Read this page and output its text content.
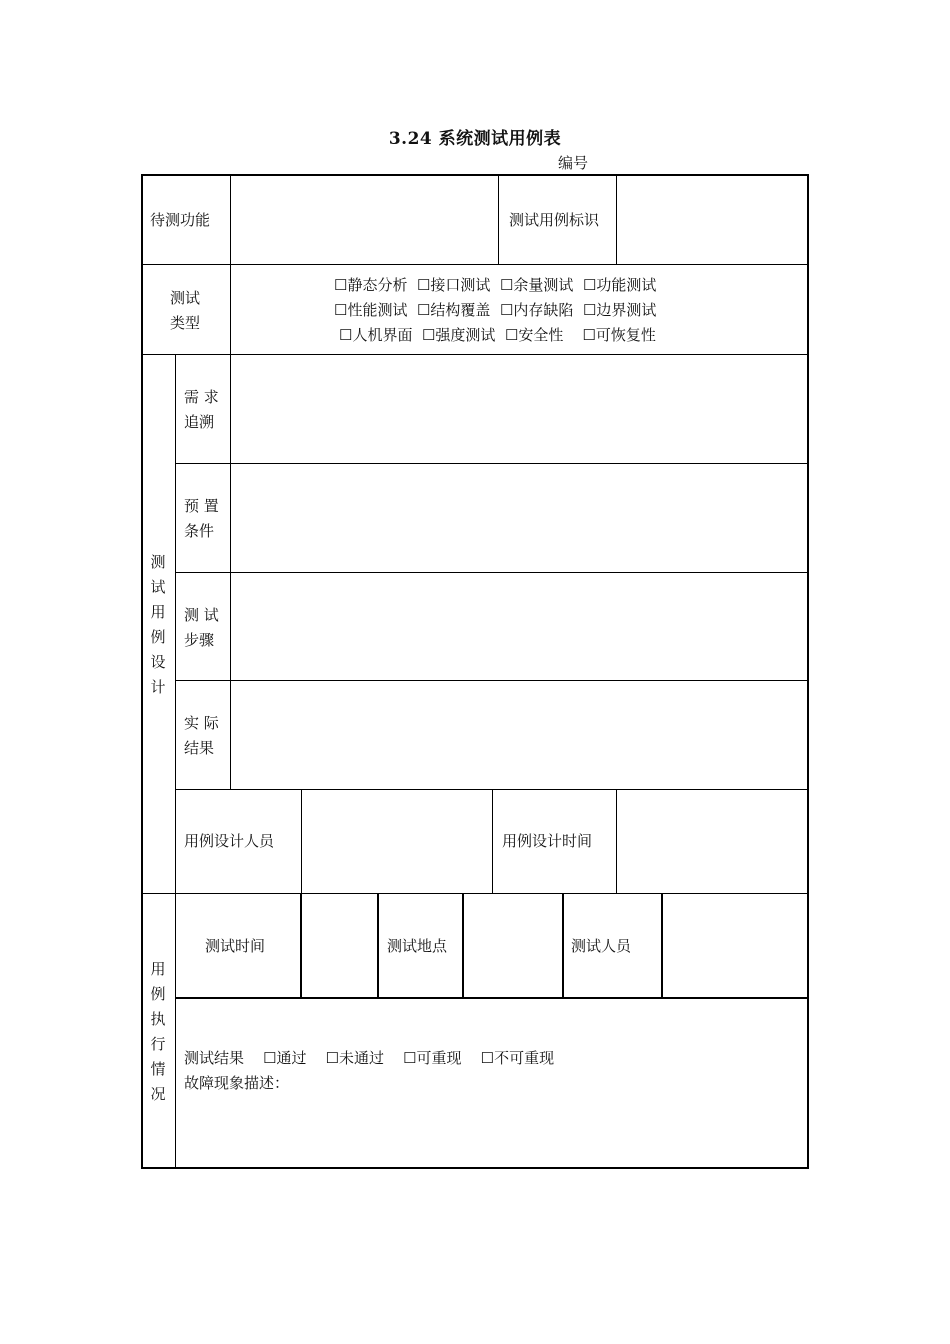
3.24 系统测试用例表
编号
待测功能	测试用例标识
测试
类型
☐静态分析  ☐接口测试  ☐余量测试  ☐功能测试
☐性能测试  ☐结构覆盖  ☐内存缺陷  ☐边界测试
☐人机界面  ☐强度测试  ☐安全性    ☐可恢复性
测
试
用
例
设
计
需 求
追溯
预 置
条件
测 试
步骤
实 际
结果
用例设计人员	用例设计时间
用
例
执
行
情
况
测试时间	测试地点	测试人员
测试结果    ☐通过    ☐未通过    ☐可重现    ☐不可重现
故障现象描述：
